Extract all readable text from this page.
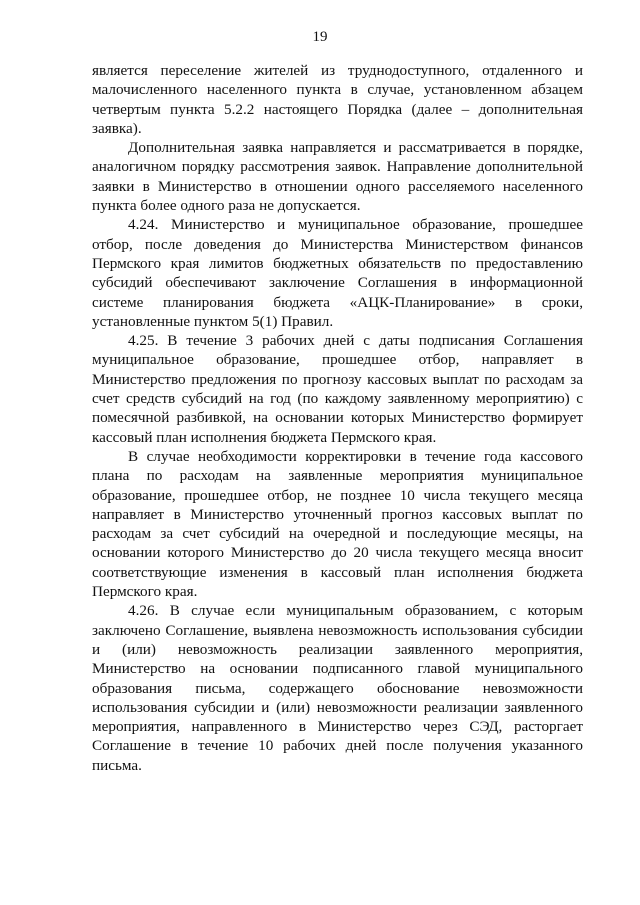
19

является переселение жителей из труднодоступного, отдаленного и малочисленного населенного пункта в случае, установленном абзацем четвертым пункта 5.2.2 настоящего Порядка (далее – дополнительная заявка).

Дополнительная заявка направляется и рассматривается в порядке, аналогичном порядку рассмотрения заявок. Направление дополнительной заявки в Министерство в отношении одного расселяемого населенного пункта более одного раза не допускается.

4.24. Министерство и муниципальное образование, прошедшее отбор, после доведения до Министерства Министерством финансов Пермского края лимитов бюджетных обязательств по предоставлению субсидий обеспечивают заключение Соглашения в информационной системе планирования бюджета «АЦК-Планирование» в сроки, установленные пунктом 5(1) Правил.

4.25. В течение 3 рабочих дней с даты подписания Соглашения муниципальное образование, прошедшее отбор, направляет в Министерство предложения по прогнозу кассовых выплат по расходам за счет средств субсидий на год (по каждому заявленному мероприятию) с помесячной разбивкой, на основании которых Министерство формирует кассовый план исполнения бюджета Пермского края.

В случае необходимости корректировки в течение года кассового плана по расходам на заявленные мероприятия муниципальное образование, прошедшее отбор, не позднее 10 числа текущего месяца направляет в Министерство уточненный прогноз кассовых выплат по расходам за счет субсидий на очередной и последующие месяцы, на основании которого Министерство до 20 числа текущего месяца вносит соответствующие изменения в кассовый план исполнения бюджета Пермского края.

4.26. В случае если муниципальным образованием, с которым заключено Соглашение, выявлена невозможность использования субсидии и (или) невозможность реализации заявленного мероприятия, Министерство на основании подписанного главой муниципального образования письма, содержащего обоснование невозможности использования субсидии и (или) невозможности реализации заявленного мероприятия, направленного в Министерство через СЭД, расторгает Соглашение в течение 10 рабочих дней после получения указанного письма.
